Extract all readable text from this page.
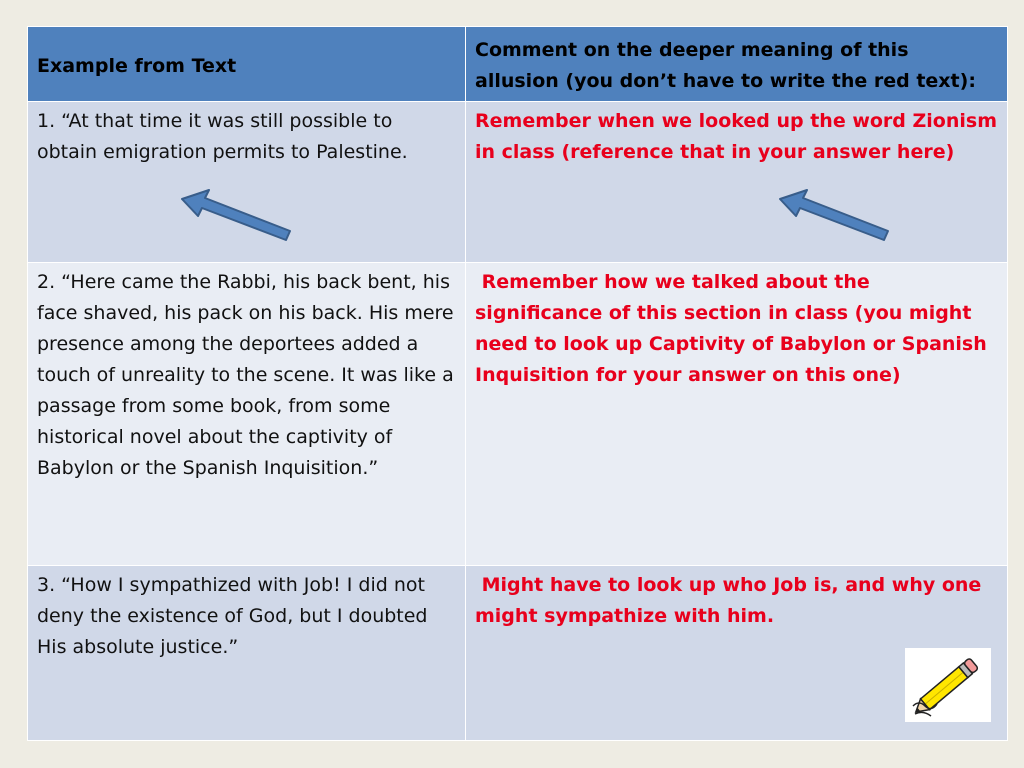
Example from Text	Comment on the deeper meaning of this allusion (you don’t have to write the red text):
1. “At that time it was still possible to obtain emigration permits to Palestine.	Remember when we looked up the word Zionism in class (reference that in your answer here)
2. “Here came the Rabbi, his back bent, his face shaved, his pack on his back. His mere presence among the deportees added a touch of unreality to the scene. It was like a passage from some book, from some historical novel about the captivity of Babylon or the Spanish Inquisition.”	Remember how we talked about the significance of this section in class (you might need to look up Captivity of Babylon or Spanish Inquisition for your answer on this one)
3. “How I sympathized with Job! I did not deny the existence of God, but I doubted His absolute justice.”	Might have to look up who Job is, and why one might sympathize with him.
